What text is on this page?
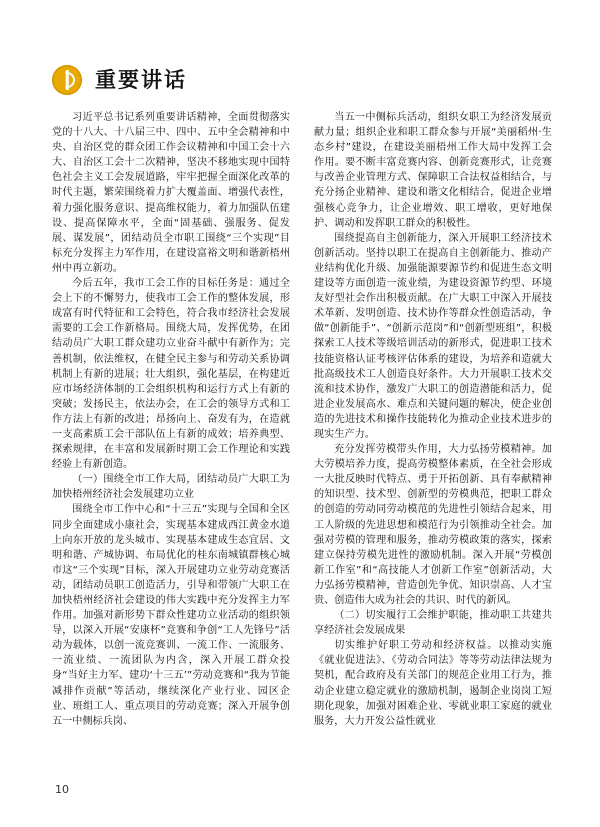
重要讲话

习近平总书记系列重要讲话精神，全面贯彻落实党的十八大、十八届三中、四中、五中全会精神和中央、自治区党的群众团工作会议精神和中国工会十六大、自治区工会十二次精神，坚决不移地实现中国特色社会主义工会发展道路，牢牢把握全面深化改革的时代主题，繁荣围绕着力扩大覆盖面、增强代表性，着力强化服务意识、提高维权能力，着力加强队伍建设、提高保障水平，全面“固基础、强服务、促发展、谋发展”，团结动员全市职工围绕“三个实现”目标充分发挥主力军作用，在建设富裕文明和谐新梧州州中再立新功。

今后五年，我市工会工作的目标任务是：通过全会上下的不懈努力，使我市工会工作的整体发展，形成富有时代特征和工会特色，符合我市经济社会发展需要的工会工作新格局。围绕大局，发挥优势，在团结动员广大职工群众建功立业奋斗献中有新作为；完善机制，依法维权，在健全民主参与和劳动关系协调机制上有新的进展；壮大组织，强化基层，在构建近应市场经济体制的工会组织机构和运行方式上有新的突破；发扬民主，依法办会，在工会的领导方式和工作方法上有新的改进；昂扬向上、奋发有为，在造就一支高素质工会干部队伍上有新的成效；培养典型、探索规律，在丰富和发展新时期工会工作理论和实践经验上有新创造。

（一）围绕全市工作大局，团结动员广大职工为加快梧州经济社会发展建功立业

围绕全市工作中心和“十三五”实现与全国和全区同步全面建成小康社会，实现基本建成西江黄金水道上向东开放的龙头城市、实现基本建成生态宜居、文明和谐、产城协调、布局优化的桂东南城镇群核心城市这“三个实现”目标，深入开展建功立业劳动竞赛活动，团结动员职工创造活力，引导和带领广大职工在加快梧州经济社会建设的伟大实践中充分发挥主力军作用。加强对新形势下群众性建功立业活动的组织领导，以深入开展“安康杯”竞赛和争创“工人先锋号”活动为载体，以创一流竞赛训、一流工作、一流服务、一流业绩、一流团队为内含，深入开展工群众投身“当好主力军、建功‘十三五’”劳动竞赛和“我为节能减排作贡献”等活动，继续深化产业行业、园区企业、班组工人、重点项目的劳动竞赛；深入开展争创五一中侧标兵岗、

当五一中侧标兵活动，组织女职工为经济发展贡献力量；组织企业和职工群众参与开展“美丽稻州·生态乡村”建设，在建设美丽梧州工作大局中发挥工会作用。要不断丰富竞赛内容、创新竞赛形式，让竞赛与改善企业管理方式、保障职工合法权益相结合，与充分扬企业精神、建设和谐文化相结合，促进企业增强核心竞争力，让企业增效、职工增收，更好地保护、调动和发挥职工群众的积极性。

围绕提高自主创新能力，深入开展职工经济技术创新活动。坚持以职工在提高自主创新能力、推动产业结构优化升级、加强能源要源节约和促进生态文明建设等方面创造一流业绩，为建设资源节约型、环境友好型社会作出积极贡献。在广大职工中深入开展技术革新、发明创造、技术协作等群众性创造活动，争做“创新能手”、“创新示范岗”和“创新型班组”，积极探索工人技术等级培训活动的新形式，促进职工技术技能资格认证考核评估体系的建设，为培养和造就大批高级技术工人创造良好条件。大力开展职工技术交流和技术协作，激发广大职工的创造潜能和活力，促进企业发展高水、难点和关键问题的解决，使企业创造的先进技术和操作技能转化为推动企业技术进步的现实生产力。

充分发挥劳模带头作用，大力弘扬劳模精神。加大劳模培养力度，提高劳模整体素质，在全社会形成一大批反映时代特点、勇于开拓创新、具有奉献精神的知识型、技术型、创新型的劳模典范，把职工群众的创造的劳动同劳动模范的先进性引领结合起来，用工人阶级的先进思想和模范行为引领推动全社会。加强对劳模的管理和服务，推动劳模政策的落实，探索建立保持劳模先进性的激励机制。深入开展“劳模创新工作室”和“高技能人才创新工作室”创新活动，大力弘扬劳模精神，营造创先争优、知识崇高、人才宝贵、创造伟大成为社会的共识、时代的新风。

（二）切实履行工会维护职能，推动职工共建共享经济社会发展成果

切实维护好职工劳动和经济权益。以推动实施《就业促进法》、《劳动合同法》等等劳动法律法规为契机，配合政府及有关部门的规范企业用工行为，推动企业建立稳定就业的激励机制，遏制企业岗岗工短期化现象，加强对困难企业、零就业职工家庭的就业服务，大力开发公益性就业

10
